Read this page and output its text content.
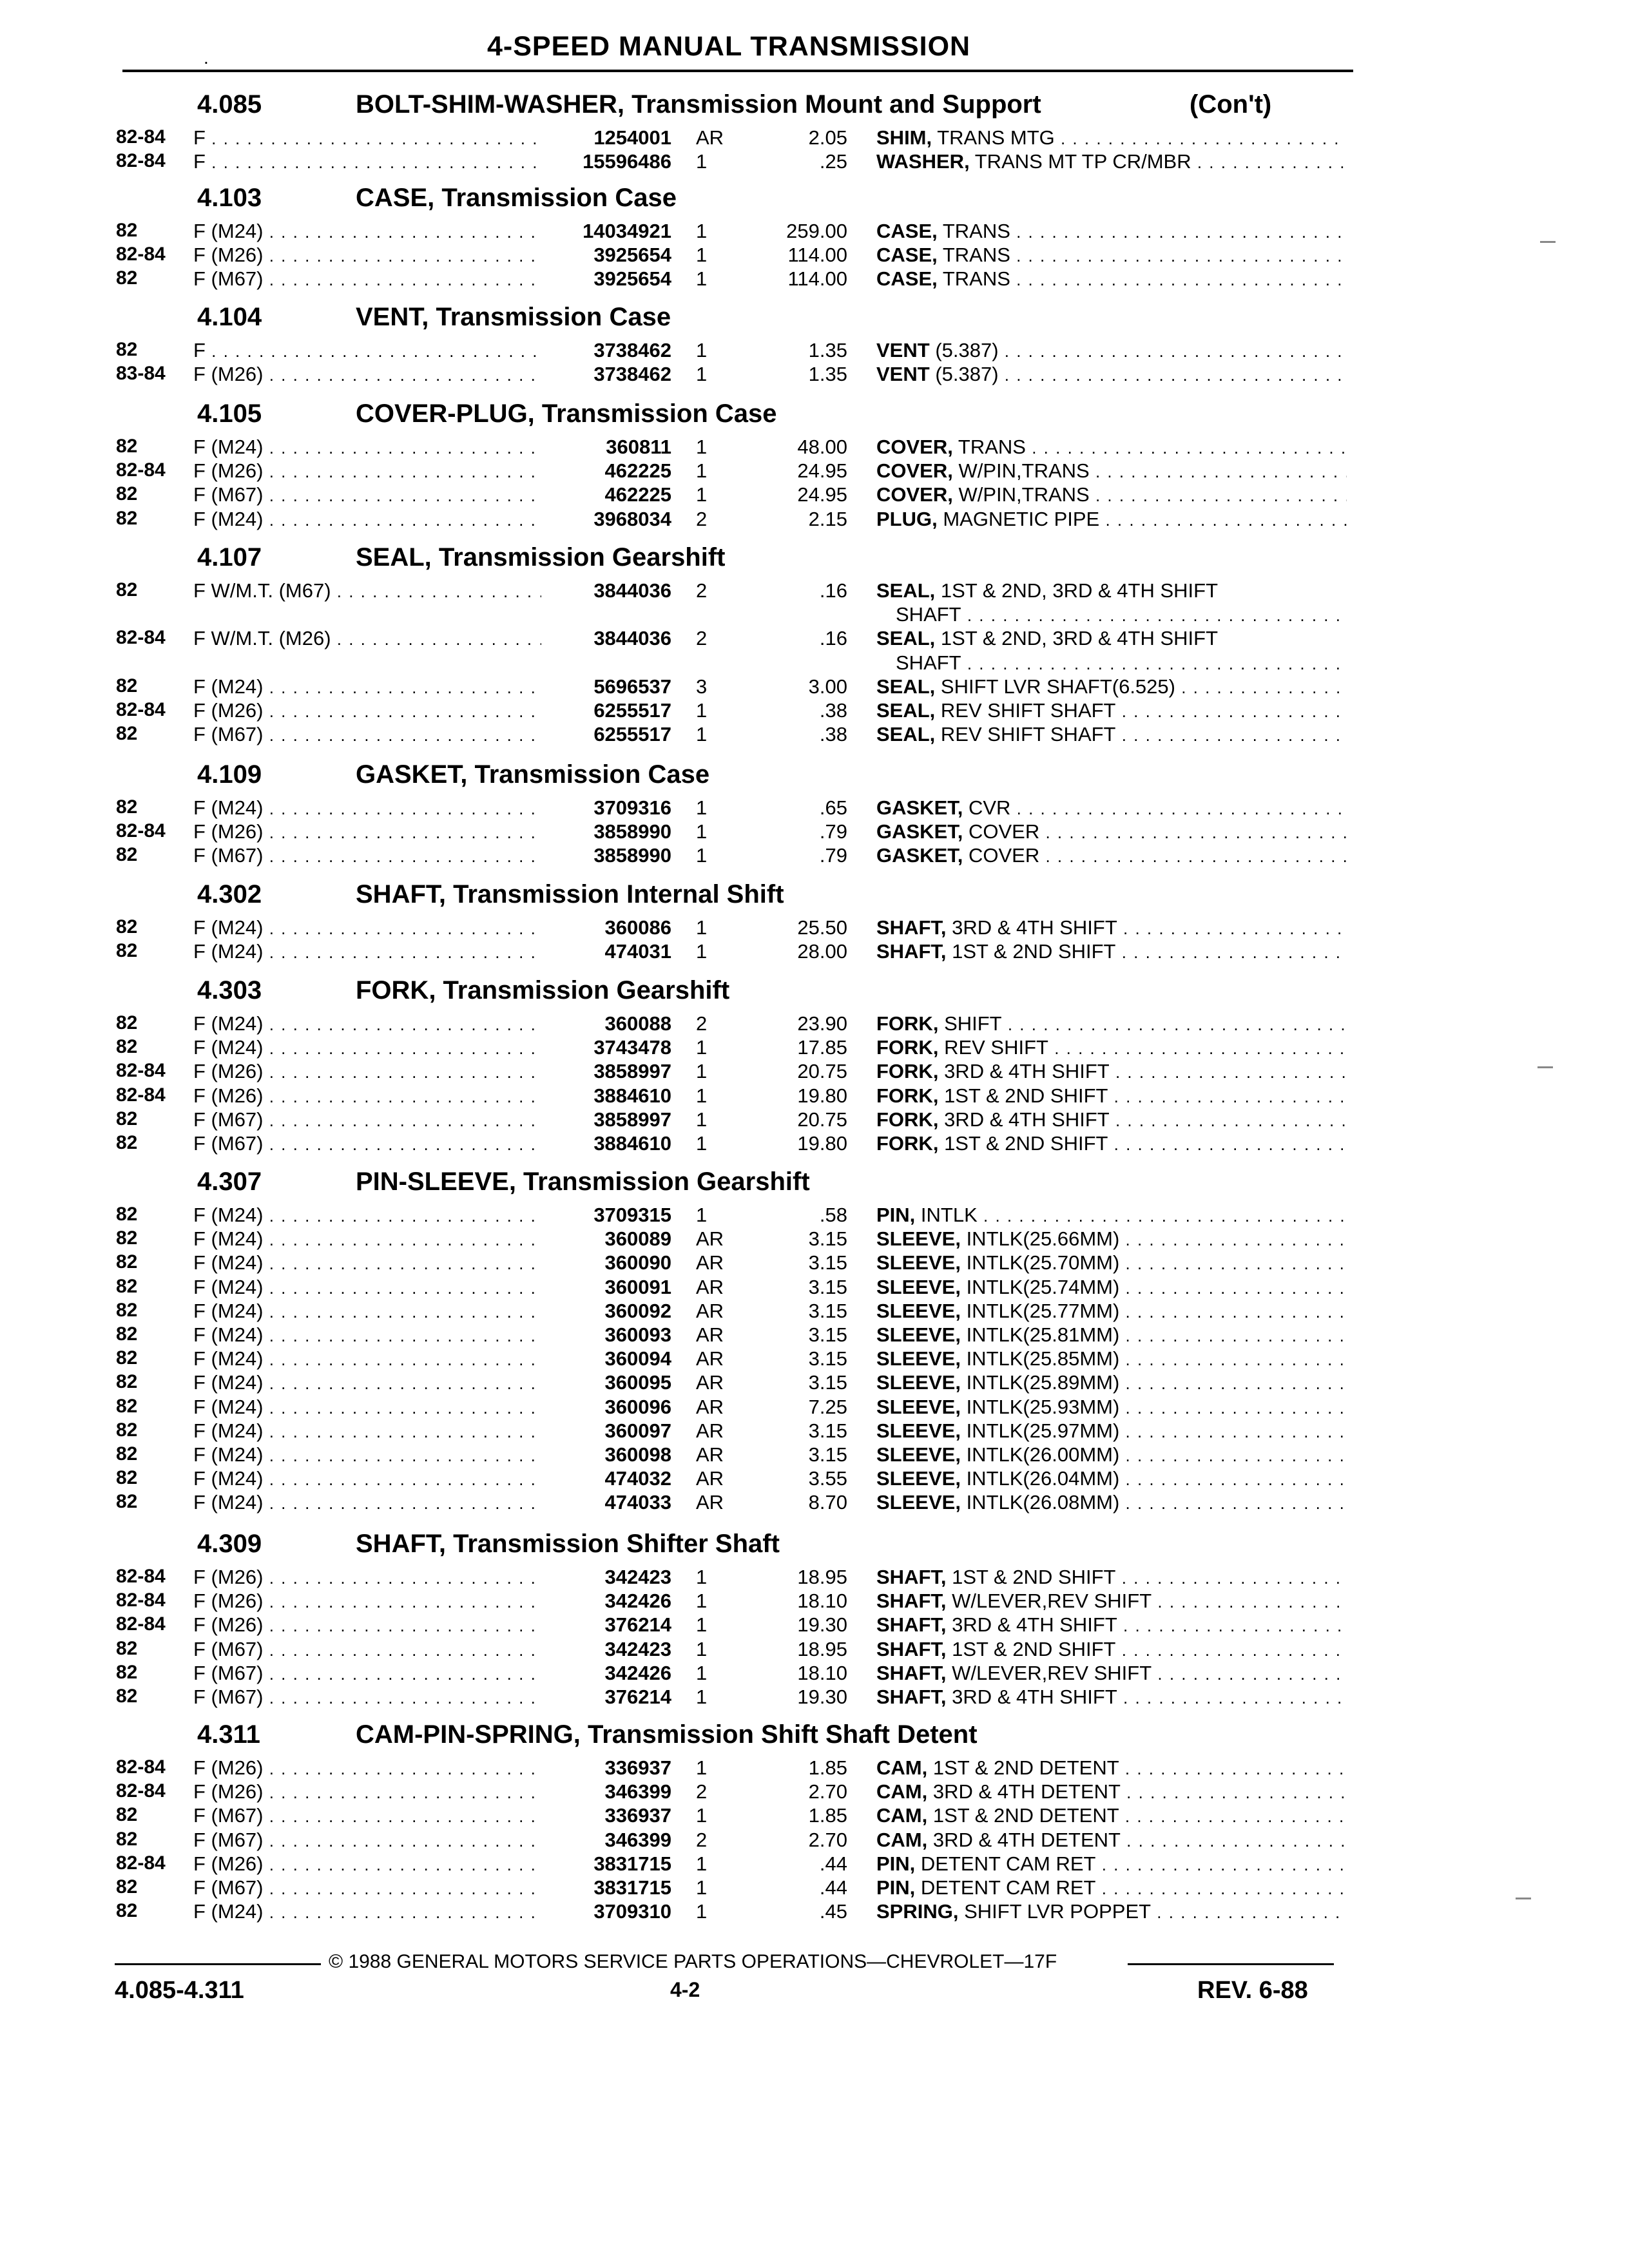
.	4-SPEED MANUAL TRANSMISSION
4.085	BOLT-SHIM-WASHER, Transmission Mount and Support	(Con't)
82-84 F . . .	1254001 AR	2.05 SHIM, TRANS MTG . . .
82-84 F . . .	15596486 1	.25 WASHER, TRANS MT TP CR/MBR . . .
4.103	CASE, Transmission Case
82	F (M24) . . .	14034921 1	259.00 CASE, TRANS . . .
82-84 F (M26) . . .	3925654 1	114.00 CASE, TRANS . . .
82	F (M67) . . .	3925654 1	114.00 CASE, TRANS . . .
4.104	VENT, Transmission Case
82	F . . .	3738462 1	1.35 VENT (5.387) . . .
83-84 F (M26) . . .	3738462 1	1.35 VENT (5.387) . . .
4.105	COVER-PLUG, Transmission Case
82	F (M24) . . .	360811 1	48.00 COVER, TRANS . . .
82-84 F (M26) . . .	462225 1	24.95 COVER, W/PIN,TRANS . . .
82	F (M67) . . .	462225 1	24.95 COVER, W/PIN,TRANS . . .
82	F (M24) . . .	3968034 2	2.15 PLUG, MAGNETIC PIPE . . .
4.107	SEAL, Transmission Gearshift
82	F W/M.T. (M67) . . .	3844036 2	.16 SEAL, 1ST & 2ND, 3RD & 4TH SHIFT
SHAFT . . .
82-84 F W/M.T. (M26) . . .	3844036 2	.16 SEAL, 1ST & 2ND, 3RD & 4TH SHIFT
SHAFT . . .
82	F (M24) . . .	5696537 3	3.00 SEAL, SHIFT LVR SHAFT(6.525) . . .
82-84 F (M26) . . .	6255517 1	.38 SEAL, REV SHIFT SHAFT . . .
82	F (M67) . . .	6255517 1	.38 SEAL, REV SHIFT SHAFT . . .
4.109	GASKET, Transmission Case
82	F (M24) . . .	3709316 1	.65 GASKET, CVR . . .
82-84 F (M26) . . .	3858990 1	.79 GASKET, COVER . . .
82	F (M67) . . .	3858990 1	.79 GASKET, COVER . . .
4.302	SHAFT, Transmission Internal Shift
82	F (M24) . . .	360086 1	25.50 SHAFT, 3RD & 4TH SHIFT . . .
82	F (M24) . . .	474031 1	28.00 SHAFT, 1ST & 2ND SHIFT . . .
4.303	FORK, Transmission Gearshift
82	F (M24) . . .	360088 2	23.90 FORK, SHIFT . . .
82	F (M24) . . .	3743478 1	17.85 FORK, REV SHIFT . . .
82-84 F (M26) . . .	3858997 1	20.75 FORK, 3RD & 4TH SHIFT . . .
82-84 F (M26) . . .	3884610 1	19.80 FORK, 1ST & 2ND SHIFT . . .
82	F (M67) . . .	3858997 1	20.75 FORK, 3RD & 4TH SHIFT . . .
82	F (M67) . . .	3884610 1	19.80 FORK, 1ST & 2ND SHIFT . . .
4.307	PIN-SLEEVE, Transmission Gearshift
82	F (M24) . . .	3709315 1	.58 PIN, INTLK . . .
82	F (M24) . . .	360089 AR	3.15 SLEEVE, INTLK(25.66MM) . . .
82	F (M24) . . .	360090 AR	3.15 SLEEVE, INTLK(25.70MM) . . .
82	F (M24) . . .	360091 AR	3.15 SLEEVE, INTLK(25.74MM) . . .
82	F (M24) . . .	360092 AR	3.15 SLEEVE, INTLK(25.77MM) . . .
82	F (M24) . . .	360093 AR	3.15 SLEEVE, INTLK(25.81MM) . . .
82	F (M24) . . .	360094 AR	3.15 SLEEVE, INTLK(25.85MM) . . .
82	F (M24) . . .	360095 AR	3.15 SLEEVE, INTLK(25.89MM) . . .
82	F (M24) . . .	360096 AR	7.25 SLEEVE, INTLK(25.93MM) . . .
82	F (M24) . . .	360097 AR	3.15 SLEEVE, INTLK(25.97MM) . . .
82	F (M24) . . .	360098 AR	3.15 SLEEVE, INTLK(26.00MM) . . .
82	F (M24) . . .	474032 AR	3.55 SLEEVE, INTLK(26.04MM) . . .
82	F (M24) . . .	474033 AR	8.70 SLEEVE, INTLK(26.08MM) . . .
4.309	SHAFT, Transmission Shifter Shaft
82-84 F (M26) . . .	342423 1	18.95 SHAFT, 1ST & 2ND SHIFT . . .
82-84 F (M26) . . .	342426 1	18.10 SHAFT, W/LEVER,REV SHIFT . . .
82-84 F (M26) . . .	376214 1	19.30 SHAFT, 3RD & 4TH SHIFT . . .
82	F (M67) . . .	342423 1	18.95 SHAFT, 1ST & 2ND SHIFT . . .
82	F (M67) . . .	342426 1	18.10 SHAFT, W/LEVER,REV SHIFT . . .
82	F (M67) . . .	376214 1	19.30 SHAFT, 3RD & 4TH SHIFT . . .
4.311	CAM-PIN-SPRING, Transmission Shift Shaft Detent
82-84 F (M26) . . .	336937 1	1.85 CAM, 1ST & 2ND DETENT . . .
82-84 F (M26) . . .	346399 2	2.70 CAM, 3RD & 4TH DETENT . . .
82	F (M67) . . .	336937 1	1.85 CAM, 1ST & 2ND DETENT . . .
82	F (M67) . . .	346399 2	2.70 CAM, 3RD & 4TH DETENT . . .
82-84 F (M26) . . .	3831715 1	.44 PIN, DETENT CAM RET . . .
82	F (M67) . . .	3831715 1	.44 PIN, DETENT CAM RET . . .
82	F (M24) . . .	3709310 1	.45 SPRING, SHIFT LVR POPPET . . .
© 1988 GENERAL MOTORS SERVICE PARTS OPERATIONS—CHEVROLET—17F
4.085-4.311	4-2	REV. 6-88
